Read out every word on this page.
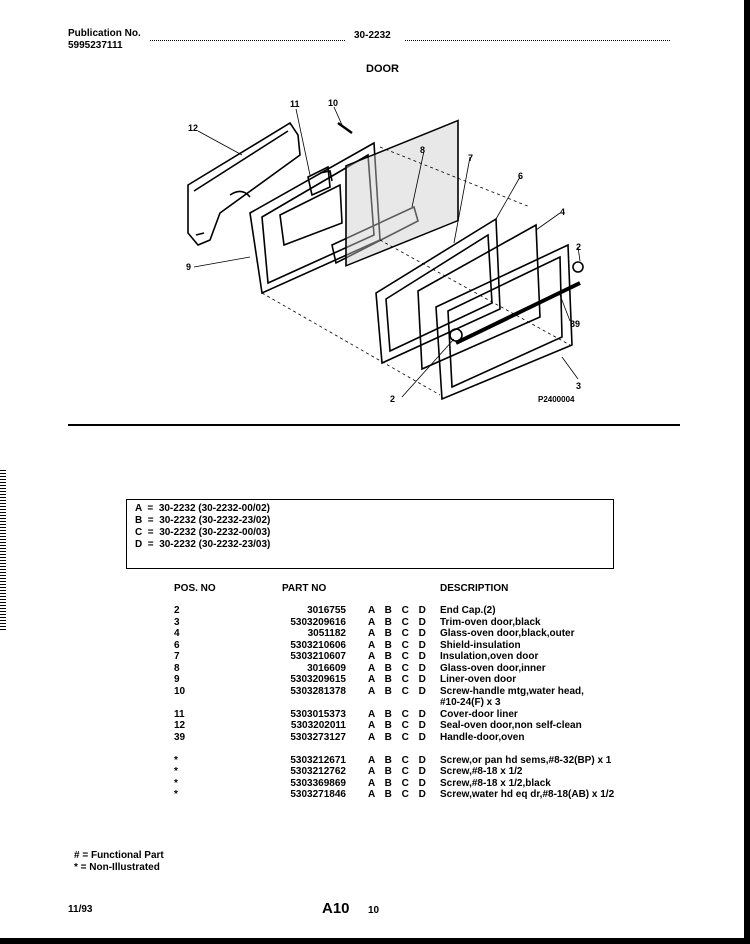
Publication No.
5995237111
30-2232
DOOR
11	10
12
8
7
6
4
2
9
39
3
2	P2400004
A  =  30-2232 (30-2232-00/02)
B  =  30-2232 (30-2232-23/02)
C  =  30-2232 (30-2232-00/03)
D  =  30-2232 (30-2232-23/03)
POS. NO	PART NO		DESCRIPTION
2	3016755	A B C D	End Cap.(2)
3	5303209616	A B C D	Trim-oven door,black
4	3051182	A B C D	Glass-oven door,black,outer
6	5303210606	A B C D	Shield-insulation
7	5303210607	A B C D	Insulation,oven door
8	3016609	A B C D	Glass-oven door,inner
9	5303209615	A B C D	Liner-oven door
10	5303281378	A B C D	Screw-handle mtg,water head,
			#10-24(F) x 3
11	5303015373	A B C D	Cover-door liner
12	5303202011	A B C D	Seal-oven door,non self-clean
39	5303273127	A B C D	Handle-door,oven
*	5303212671	A B C D	Screw,or pan hd sems,#8-32(BP) x 1
*	5303212762	A B C D	Screw,#8-18 x 1/2
*	5303369869	A B C D	Screw,#8-18 x 1/2,black
*	5303271846	A B C D	Screw,water hd eq dr,#8-18(AB) x 1/2
# = Functional Part
* = Non-Illustrated
11/93	A10 10
